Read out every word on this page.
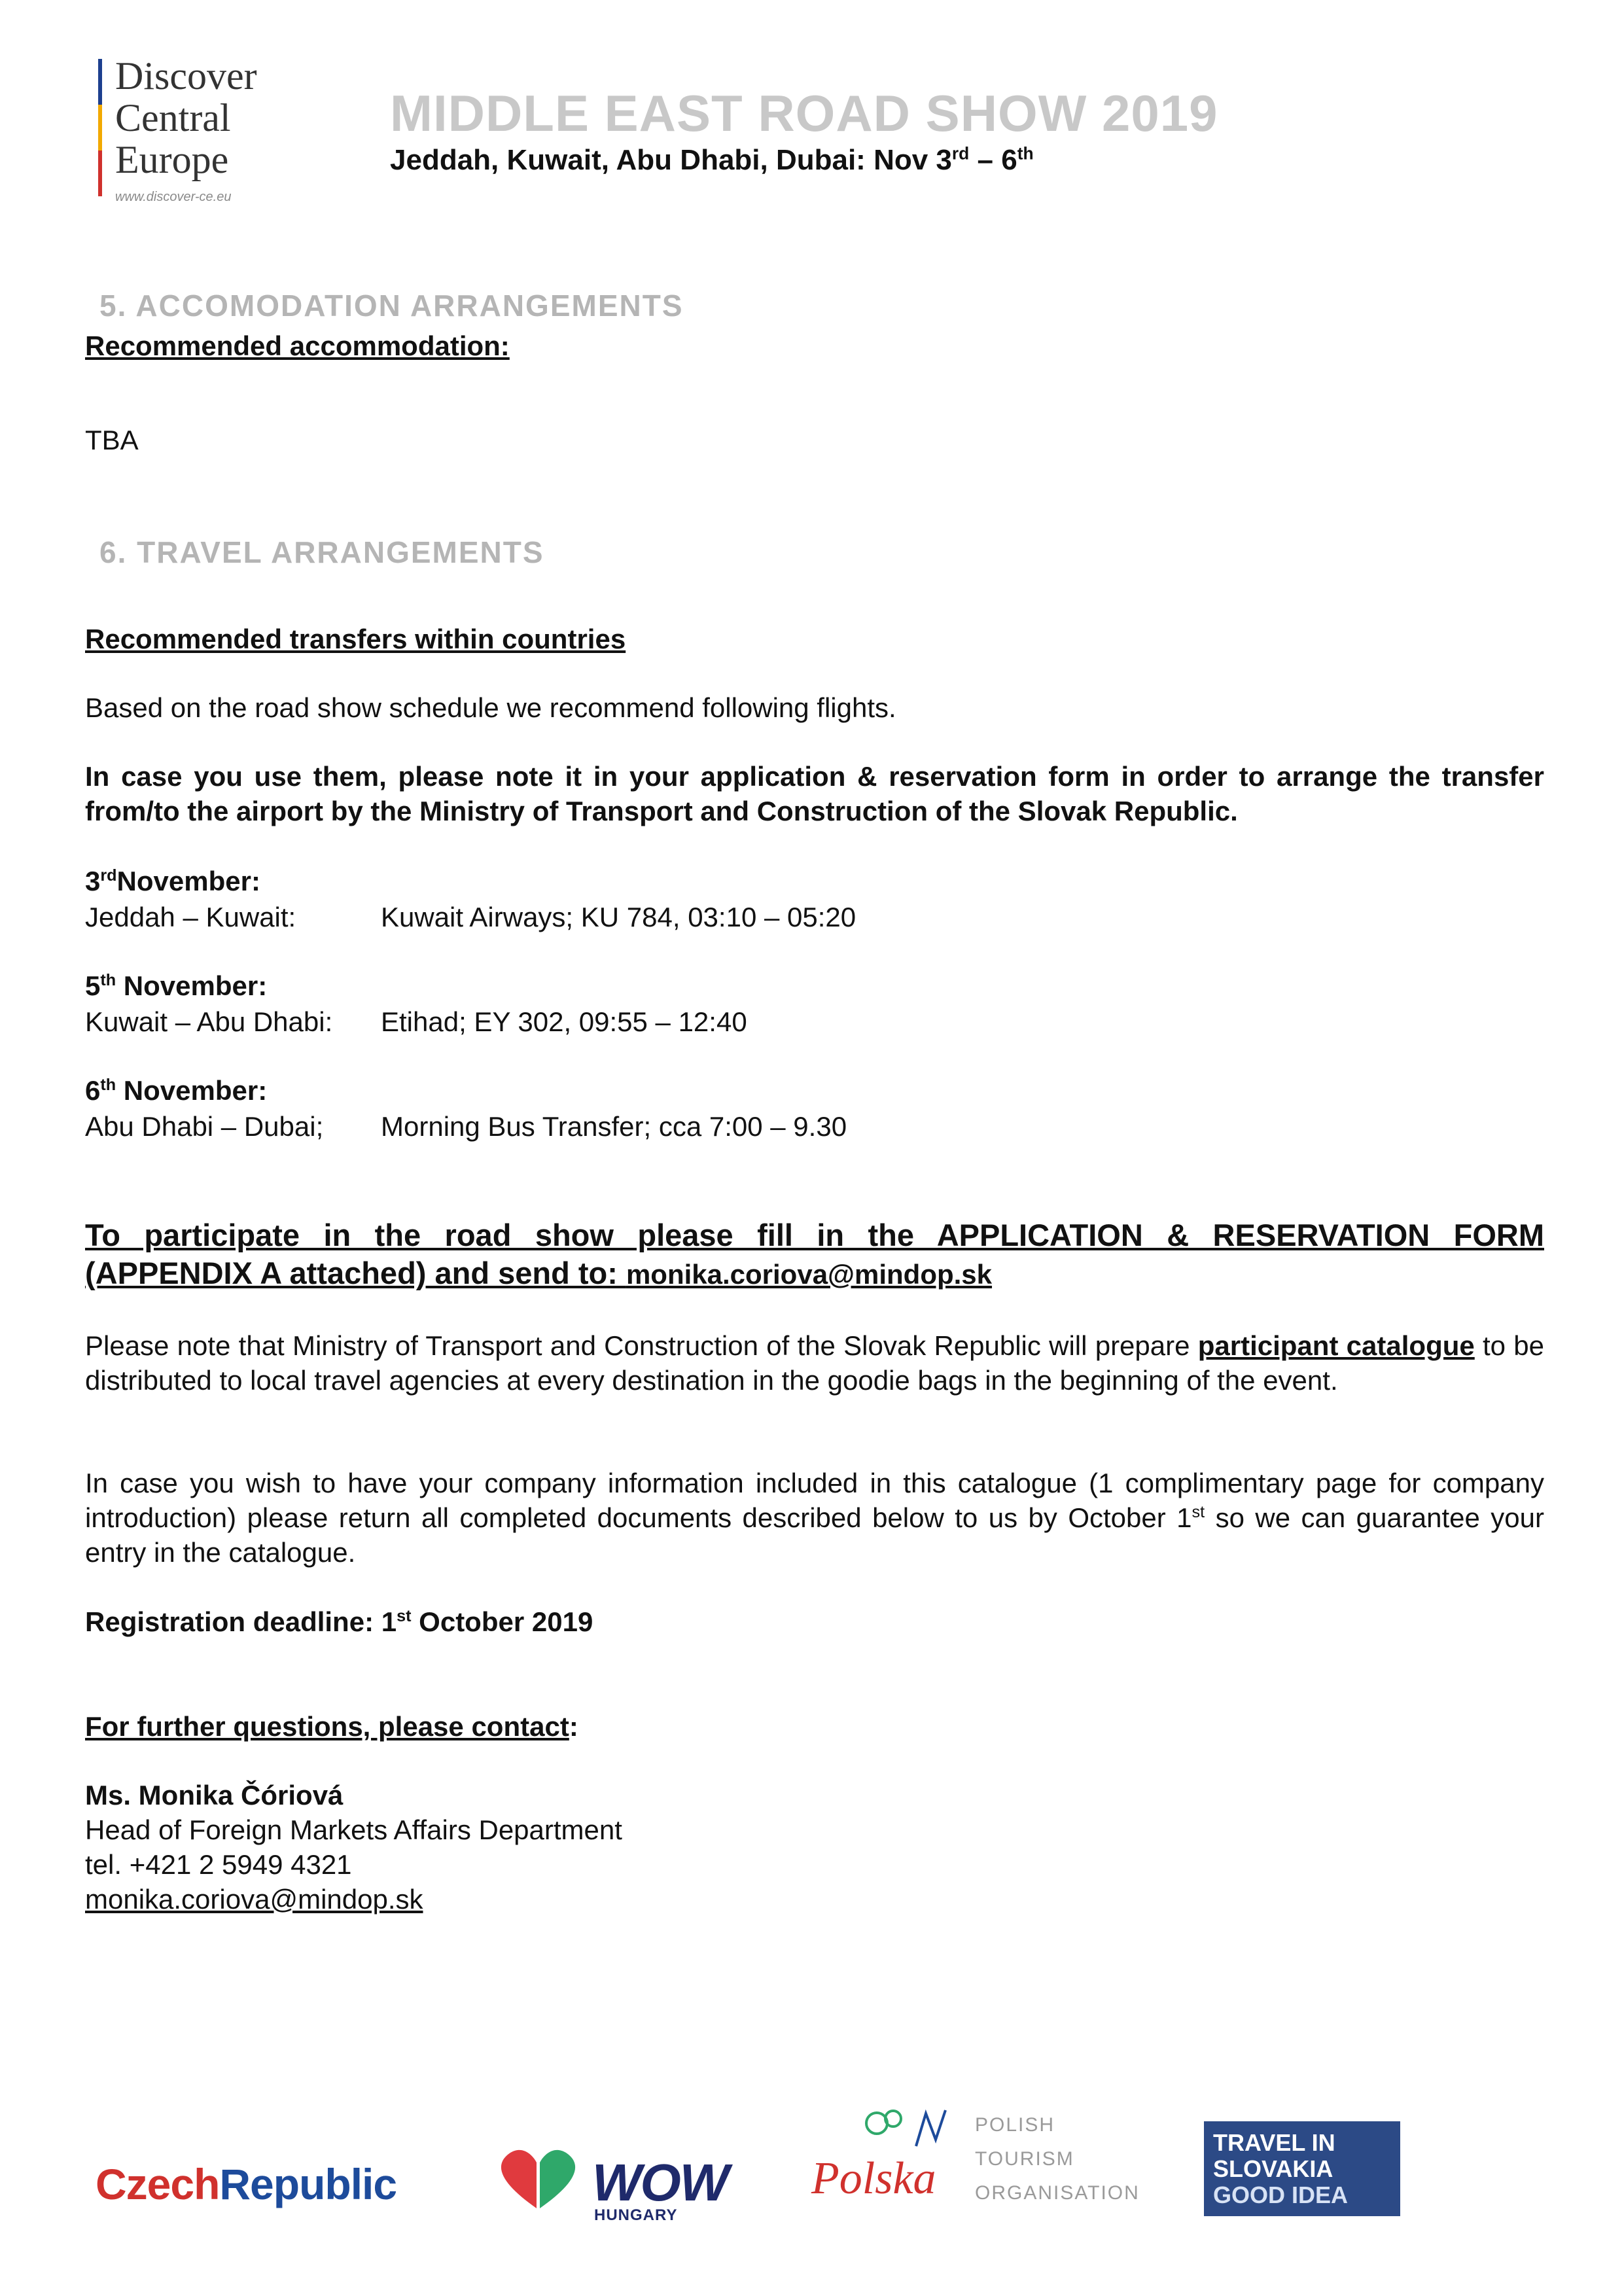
Discover
Central
Europe
www.discover-ce.eu
MIDDLE EAST ROAD SHOW 2019
Jeddah, Kuwait, Abu Dhabi, Dubai: Nov 3rd – 6th
5. ACCOMODATION ARRANGEMENTS
Recommended accommodation:
TBA
6. TRAVEL ARRANGEMENTS
Recommended transfers within countries
Based on the road show schedule we recommend following flights.
In case you use them, please note it in your application & reservation form in order to arrange the transfer from/to the airport by the Ministry of Transport and Construction of the Slovak Republic.
3rdNovember:
Jeddah – Kuwait:	Kuwait Airways; KU 784, 03:10 – 05:20
5th November:
Kuwait – Abu Dhabi: Etihad; EY 302, 09:55 – 12:40
6th November:
Abu Dhabi – Dubai; Morning Bus Transfer; cca 7:00 – 9.30
To participate in the road show please fill in the APPLICATION & RESERVATION FORM
(APPENDIX A attached) and send to: monika.coriova@mindop.sk
Please note that Ministry of Transport and Construction of the Slovak Republic will prepare participant catalogue to be distributed to local travel agencies at every destination in the goodie bags in the beginning of the event.
In case you wish to have your company information included in this catalogue (1 complimentary page for company introduction) please return all completed documents described below to us by October 1st so we can guarantee your entry in the catalogue.
Registration deadline: 1st October 2019
For further questions, please contact:
Ms. Monika Čóriová
Head of Foreign Markets Affairs Department
tel. +421 2 5949 4321
monika.coriova@mindop.sk
CzechRepublic	WOW
HUNGARY
Polska
POLISH
TOURISM
ORGANISATION
TRAVEL IN
SLOVAKIA
GOOD IDEA
